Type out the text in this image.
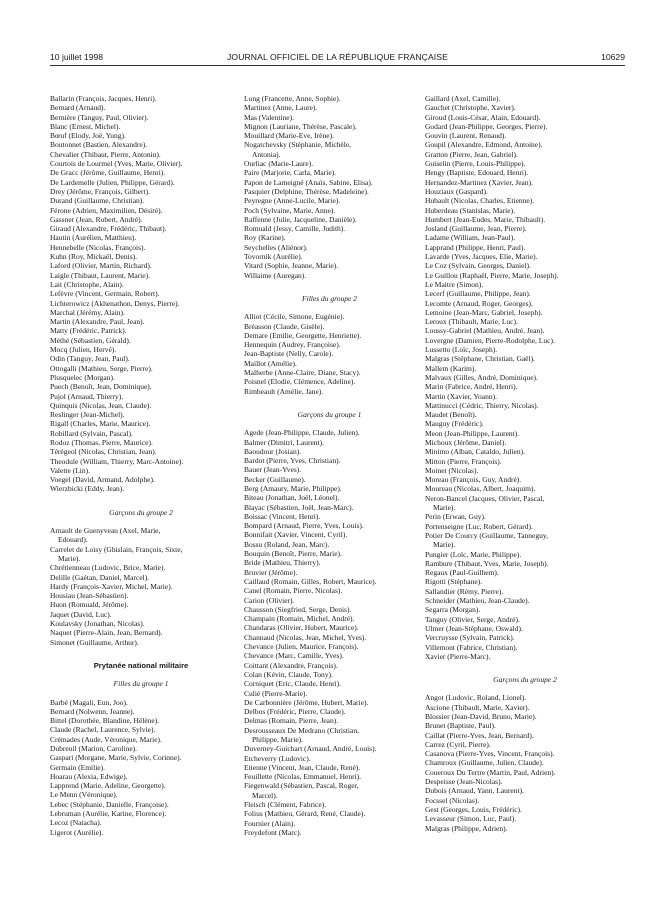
10 juillet 1998	JOURNAL OFFICIEL DE LA RÉPUBLIQUE FRANÇAISE	10629
Ballarin (François, Jacques, Henri).
Bernard (Arnaud).
Bernière (Tanguy, Paul, Olivier).
Blanc (Ernest, Michel).
Bœuf (Elody, Joë, Yung).
Boutonnet (Bastien, Alexandre).
Chevalier (Thibaut, Pierre, Antonin).
Courtois de Lourmel (Yves, Marie, Olivier).
De Gracc (Jérôme, Guillaume, Henri).
De Lardemelle (Julien, Philippe, Gérard).
Drey (Jérôme, François, Gilbert).
Durand (Guillaume, Christian).
Férone (Adrien, Maximilien, Désiré).
Gassner (Jean, Robert, André).
Giraud (Alexandre, Frédéric, Thibaut).
Hautin (Aurélien, Matthieu).
Hennebelle (Nicolas, François).
Kuhn (Roy, Mickaël, Denis).
Laford (Olivier, Martin, Richard).
Laigle (Thibaut, Laurent, Marie).
Lait (Christophe, Alain).
Lefèvre (Vincent, Germain, Robert).
Lichterowicz (Akhenathon, Denys, Pierre).
Marchal (Jérémy, Alain).
Martin (Alexandre, Paul, Jean).
Matty (Frédéric, Patrick).
Méthé (Sébastien, Gérald).
Mocq (Julien, Hervé).
Odin (Tanguy, Jean, Paul).
Ottogalli (Mathieu, Serge, Pierre).
Plusquelec (Morgan).
Puech (Benoît, Jean, Dominique).
Pujol (Arnaud, Thierry).
Quinquis (Nicolas, Jean, Claude).
Reslinger (Jean-Michel).
Rigall (Charles, Marie, Maurice).
Robillard (Sylvain, Pascal).
Rodoz (Thomas, Pierre, Maurice).
Térégeol (Nicolas, Christian, Jean).
Theodule (William, Thierry, Marc-Antoine).
Valette (Lin).
Voegel (David, Armand, Adolphe).
Wierzbicki (Eddy, Jean).
Garçons du groupe 2
Arnault de Guenyveau (Axel, Marie,
Edouard).
Carrelet de Loisy (Ghislain, François, Sixte,
Marie).
Chrétienneau (Ludovic, Brice, Marie).
Delille (Gaétan, Daniel, Marcel).
Hardy (François-Xavier, Michel, Marie).
Housiau (Jean-Sébastien).
Huon (Romuald, Jérôme).
Jaquet (David, Luc).
Koulavsky (Jonathan, Nicolas).
Naquet (Pierre-Alain, Jean, Bernard).
Simonet (Guillaume, Arthur).
Prytanée national militaire
Filles du groupe 1
Barbé (Magali, Eun, Joo).
Bernard (Nolwenn, Jeanne).
Bittel (Dorothée, Blandine, Hélène).
Claude (Rachel, Laurence, Sylvie).
Crémades (Aude, Véronique, Marie).
Dubreuil (Marion, Caroline).
Gaspari (Morgane, Marie, Sylvie, Corinne).
Germain (Emilie).
Hoarau (Alexia, Edwige).
Lapprend (Marie, Adeline, Georgette).
Le Menn (Véronique).
Lebec (Stéphanie, Danielle, Françoise).
Lebruman (Aurélie, Karine, Florence).
Lecoz (Natacha).
Ligerot (Aurélie).
Long (Francette, Anne, Sophie).
Martinez (Anne, Laure).
Mas (Valentine).
Mignon (Lauriane, Thérèse, Pascale).
Mouillard (Marie-Eve, Irène).
Nogatchevsky (Stéphanie, Michèle,
Antonia).
Ourliac (Marie-Laure).
Paire (Marjorie, Carla, Marie).
Papon de Lameigné (Anaïs, Sabine, Elisa).
Pasquier (Delphine, Thérèse, Madeleine).
Peyregne (Anne-Lucile, Marie).
Poch (Sylvaine, Marie, Anne).
Raffenne (Julie, Jacqueline, Danièle).
Romuald (Jessy, Camille, Judith).
Roy (Karine).
Seychelles (Aliénor).
Tovornik (Aurélie).
Vitard (Sophie, Jeanne, Marie).
Willaime (Auregan).
Filles du groupe 2
Alliot (Cécile, Simone, Eugénie).
Bréasson (Claude, Gisèle).
Demare (Emilie, Georgette, Henriette).
Hennequin (Audrey, Françoise).
Jean-Baptiste (Nelly, Carole).
Maillot (Amélie).
Malherbe (Anne-Claire, Diane, Stacy).
Poisnel (Elodie, Clémence, Adeline).
Rimbeault (Amélie, Jane).
Garçons du groupe 1
Agede (Jean-Philippe, Claude, Julien).
Balmer (Dimitri, Laurent).
Baoudour (Josian).
Bardot (Pierre, Yves, Christian).
Bauer (Jean-Yves).
Becker (Guillaume).
Berg (Amaury, Marie, Philippe).
Biteau (Jonathan, Joël, Léonel).
Blayac (Sébastien, Joël, Jean-Marc).
Boissac (Vincent, Henri).
Bompard (Arnaud, Pierre, Yves, Louis).
Bonnifait (Xavier, Vincent, Cyril).
Bossu (Roland, Jean, Marc).
Bouquin (Benoît, Pierre, Marie).
Bride (Mathieu, Thierry).
Bruvier (Jérôme).
Caillaud (Romain, Gilles, Robert, Maurice).
Canel (Romain, Pierre, Nicolas).
Carion (Olivier).
Chausson (Siegfried, Serge, Denis).
Champain (Romain, Michel, André).
Chandaras (Olivier, Hubert, Maurice).
Channaud (Nicolas, Jean, Michel, Yves).
Chevance (Julien, Maurice, François).
Chevance (Marc, Camille, Yves).
Coittant (Alexandre, François).
Colan (Kévin, Claude, Tony).
Corniquet (Eric, Claude, Henri).
Culié (Pierre-Marie).
De Carbonnière (Jérôme, Hubert, Marie).
Delbos (Frédéric, Pierre, Claude).
Delmas (Romain, Pierre, Jean).
Desrousseaux De Medrano (Christian,
Philippe, Marie).
Duverney-Guichart (Arnaud, André, Louis).
Etcheverry (Ludovic).
Etienne (Vincent, Jean, Claude, René).
Feuillette (Nicolas, Emmanuel, Henri).
Fiegenwald (Sébastien, Pascal, Roger,
Marcel).
Fleisch (Clément, Fabrice).
Folius (Mathieu, Gérard, René, Claude).
Fournier (Alain).
Freydefont (Marc).
Gaillard (Axel, Camille).
Gauchet (Christophe, Xavier).
Giroud (Louis-César, Alain, Edouard).
Godard (Jean-Philippe, Georges, Pierre).
Gouvin (Laurent, Renaud).
Goupil (Alexandre, Edmond, Antoine).
Gratton (Pierre, Jean, Gabriel).
Guiselin (Pierre, Louis-Philippe).
Hengy (Baptiste, Edouard, Henri).
Hernandez-Martinez (Xavier, Jean).
Houziaux (Gaspard).
Hubault (Nicolas, Charles, Etienne).
Huberdeau (Stanislas, Marie).
Humbert (Jean-Eudes, Marie, Thibault).
Josland (Guillaume, Jean, Pierre).
Ladame (William, Jean-Paul).
Lapprand (Philippe, Henri, Paul).
Lavarde (Yves, Jacques, Elie, Marie).
Le Coz (Sylvain, Georges, Daniel).
Le Guillou (Raphaël, Pierre, Marie, Joseph).
Le Maitre (Simon).
Lecerf (Guillaume, Philippe, Jean).
Lecomte (Arnaud, Roger, Georges).
Lemoine (Jean-Marc, Gabriel, Joseph).
Leroux (Thibault, Marie, Luc).
Loussy-Gabriel (Mathieu, André, Jean).
Lovergne (Damien, Pierre-Rodolphe, Luc).
Lussetto (Loïc, Joseph).
Malgras (Stéphane, Christian, Gaël).
Mallem (Karim).
Malvaux (Gilles, André, Dominique).
Marin (Fabrice, André, Henri).
Martin (Xavier, Yoann).
Mattinucci (Cédric, Thierry, Nicolas).
Maudet (Benoît).
Mauguy (Frédéric).
Meon (Jean-Philippe, Laurent).
Michoux (Jérôme, Daniel).
Minimo (Alban, Cataldo, Julien).
Mitton (Pierre, François).
Moinet (Nicolas).
Moreau (François, Guy, André).
Moureau (Nicolas, Albert, Joaquim).
Neron-Bancel (Jacques, Olivier, Pascal,
Marie).
Perin (Erwan, Guy).
Portenseigne (Luc, Robert, Gérard).
Potier De Courcy (Guillaume, Tanneguy,
Marie).
Pungier (Loïc, Marie, Philippe).
Rambure (Thibaut, Yves, Marie, Joseph).
Regaux (Paul-Guilhem).
Rigotti (Stéphane).
Sallandier (Rémy, Pierre).
Schneider (Mathieu, Jean-Claude).
Segarra (Morgan).
Tanguy (Olivier, Serge, André).
Ulmer (Jean-Stéphane, Oswald).
Vercruysse (Sylvain, Patrick).
Villemont (Fabrice, Christian).
Xavier (Pierre-Marc).
Garçons du groupe 2
Angot (Ludovic, Roland, Lionel).
Ascione (Thibault, Marie, Xavier).
Blossier (Jean-David, Bruno, Marie).
Brunet (Baptiste, Paul).
Caillat (Pierre-Yves, Jean, Bernard).
Carrez (Cyril, Pierre).
Casanova (Pierre-Yves, Vincent, François).
Chamroux (Guillaume, Julien, Claude).
Coueroux Du Tertre (Martin, Paul, Adrien).
Despeisse (Jean-Nicolas).
Dubois (Arnaud, Yann, Laurent).
Focssel (Nicolas).
Gest (Georges, Louis, Frédéric).
Levasseur (Simon, Luc, Paul).
Malgras (Philippe, Adrien).
